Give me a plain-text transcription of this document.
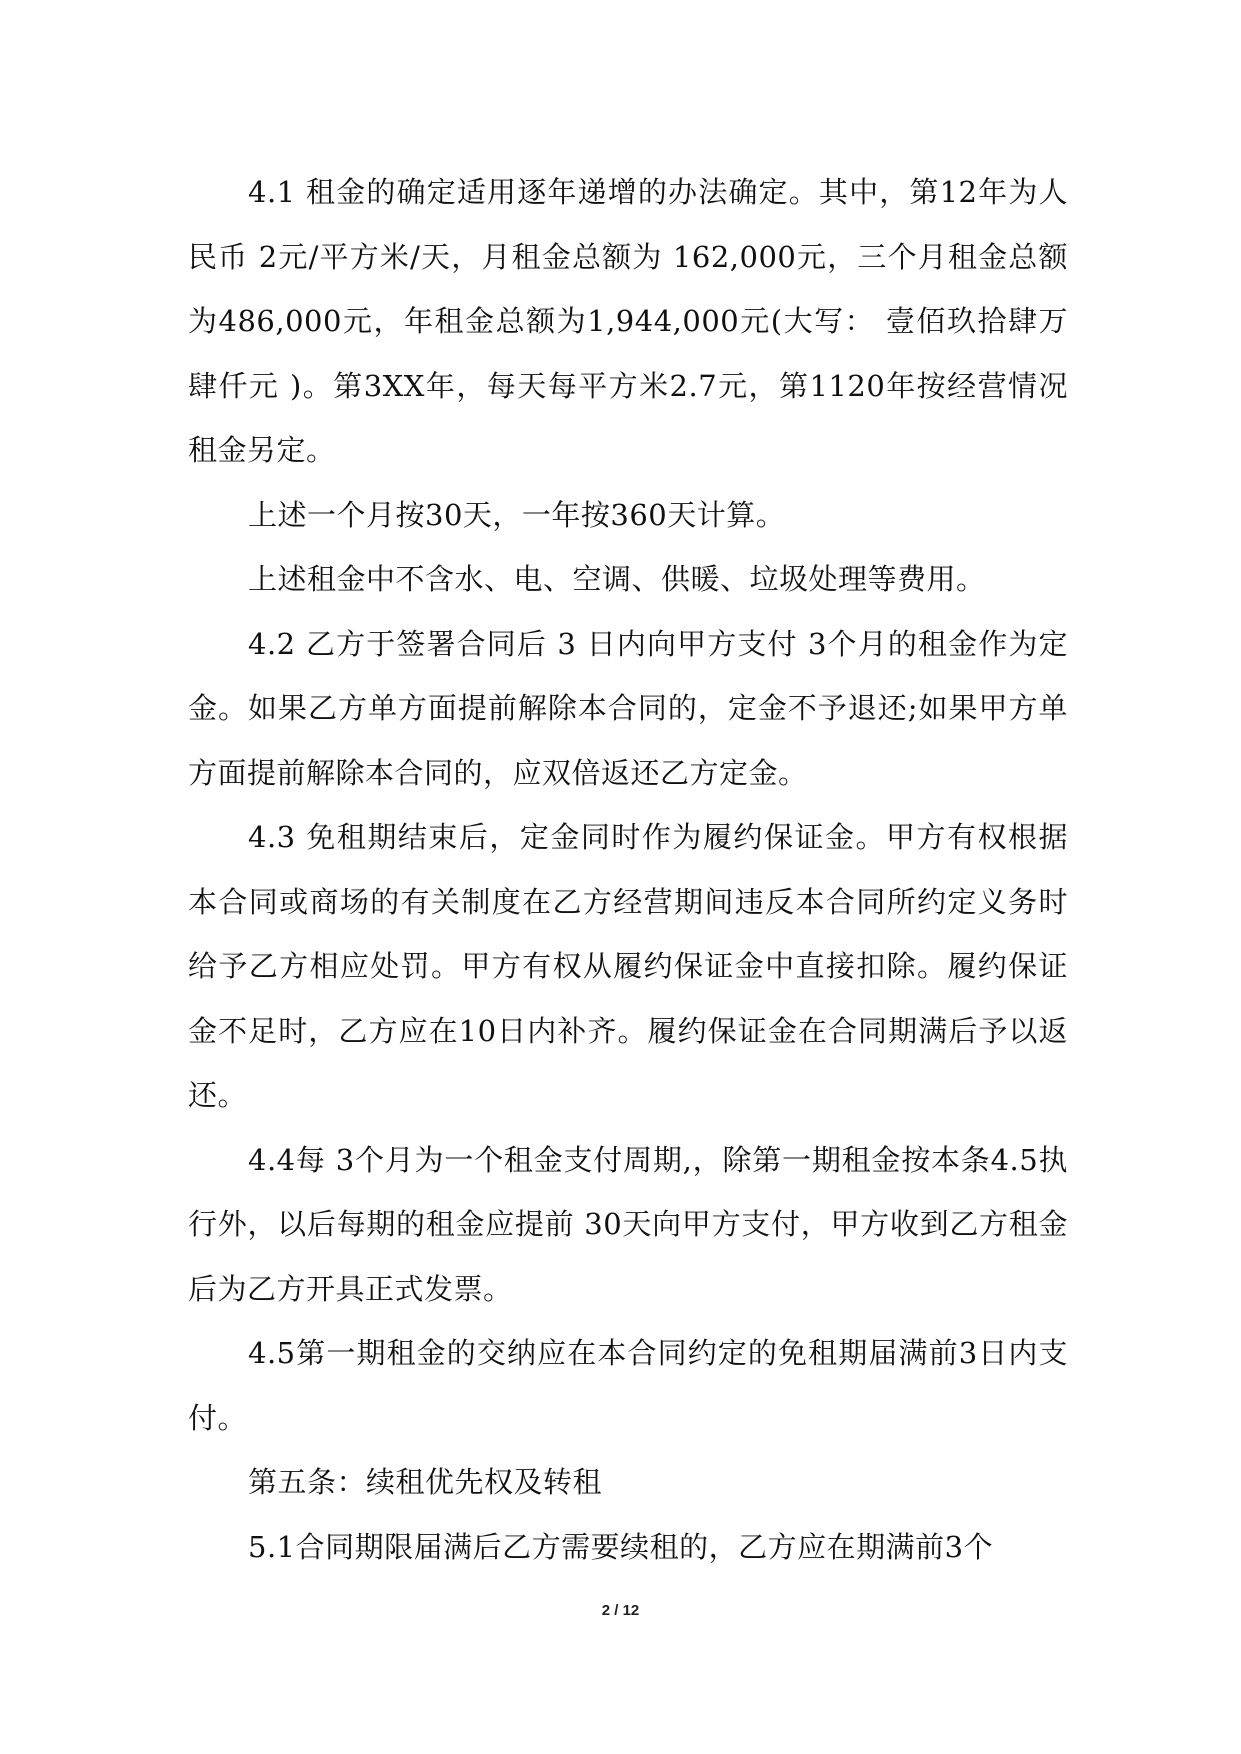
4.1 租金的确定适用逐年递增的办法确定。其中，第12年为人民币 2元/平方米/天，月租金总额为 162,000元，三个月租金总额为486,000元，年租金总额为1,944,000元(大写： 壹佰玖拾肆万肆仟元 )。第3XX年，每天每平方米2.7元，第1120年按经营情况租金另定。

上述一个月按30天，一年按360天计算。

上述租金中不含水、电、空调、供暖、垃圾处理等费用。

4.2 乙方于签署合同后 3 日内向甲方支付 3个月的租金作为定金。如果乙方单方面提前解除本合同的，定金不予退还;如果甲方单方面提前解除本合同的，应双倍返还乙方定金。

4.3 免租期结束后，定金同时作为履约保证金。甲方有权根据本合同或商场的有关制度在乙方经营期间违反本合同所约定义务时给予乙方相应处罚。甲方有权从履约保证金中直接扣除。履约保证金不足时，乙方应在10日内补齐。履约保证金在合同期满后予以返还。

4.4每 3个月为一个租金支付周期,，除第一期租金按本条4.5执行外，以后每期的租金应提前 30天向甲方支付，甲方收到乙方租金后为乙方开具正式发票。

4.5第一期租金的交纳应在本合同约定的免租期届满前3日内支付。

第五条：续租优先权及转租

5.1合同期限届满后乙方需要续租的，乙方应在期满前3个

2 / 12
